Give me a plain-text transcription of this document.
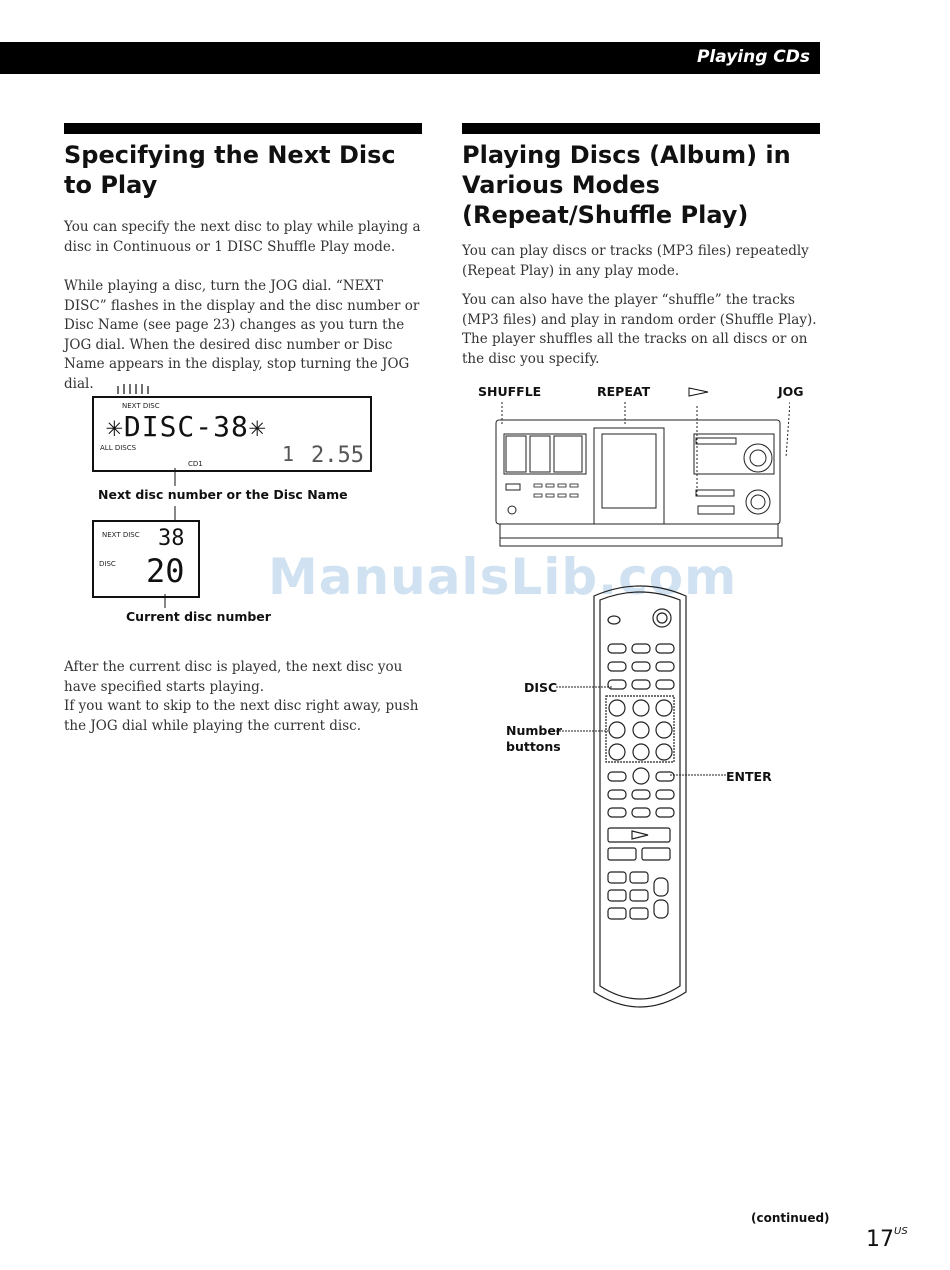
Playing CDs
Specifying the Next Disc to Play

You can specify the next disc to play while playing a disc in Continuous or 1 DISC Shuffle Play mode.

While playing a disc, turn the JOG dial. “NEXT DISC” flashes in the display and the disc number or Disc Name (see page 23) changes as you turn the JOG dial. When the desired disc number or Disc Name appears in the display, stop turning the JOG dial.

NEXT DISC
✳DISC-38✳
ALL DISCS
CD1	1 2.55
Next disc number or the Disc Name
NEXT DISC 38
DISC 20
Current disc number

After the current disc is played, the next disc you have specified starts playing.

If you want to skip to the next disc right away, push the JOG dial while playing the current disc.

Playing Discs (Album) in Various Modes (Repeat/Shuffle Play)

You can play discs or tracks (MP3 files) repeatedly (Repeat Play) in any play mode.

You can also have the player “shuffle” the tracks (MP3 files) and play in random order (Shuffle Play). The player shuffles all the tracks on all discs or on the disc you specify.

SHUFFLE	REPEAT	JOG
ManualsLib.com
DISC
Number
buttons
ENTER
(continued)
$17^{US}$
